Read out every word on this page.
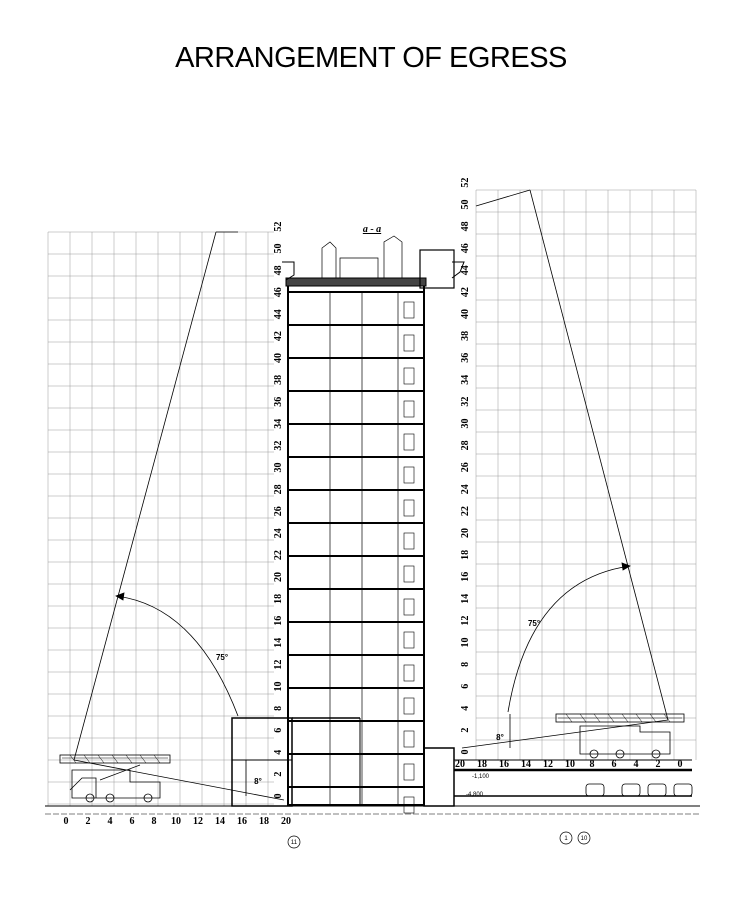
ARRANGEMENT OF EGRESS
0
2
4
6
8
10
12
14
16
18
20
22
24
26
28
30
32
34
36
38
40
42
44
46
48
50
52
0
2
4
6
8
10
12
14
16
18
20
22
24
26
28
30
32
34
36
38
40
42
44
46
48
50
52
0 2 4 6 8 10 12 14 16 18 20
20 18 16 14 12 10 8 6 4 2 0
a - a
75°
75°
8°
8°
-1,100
-4,800
11
1 10
